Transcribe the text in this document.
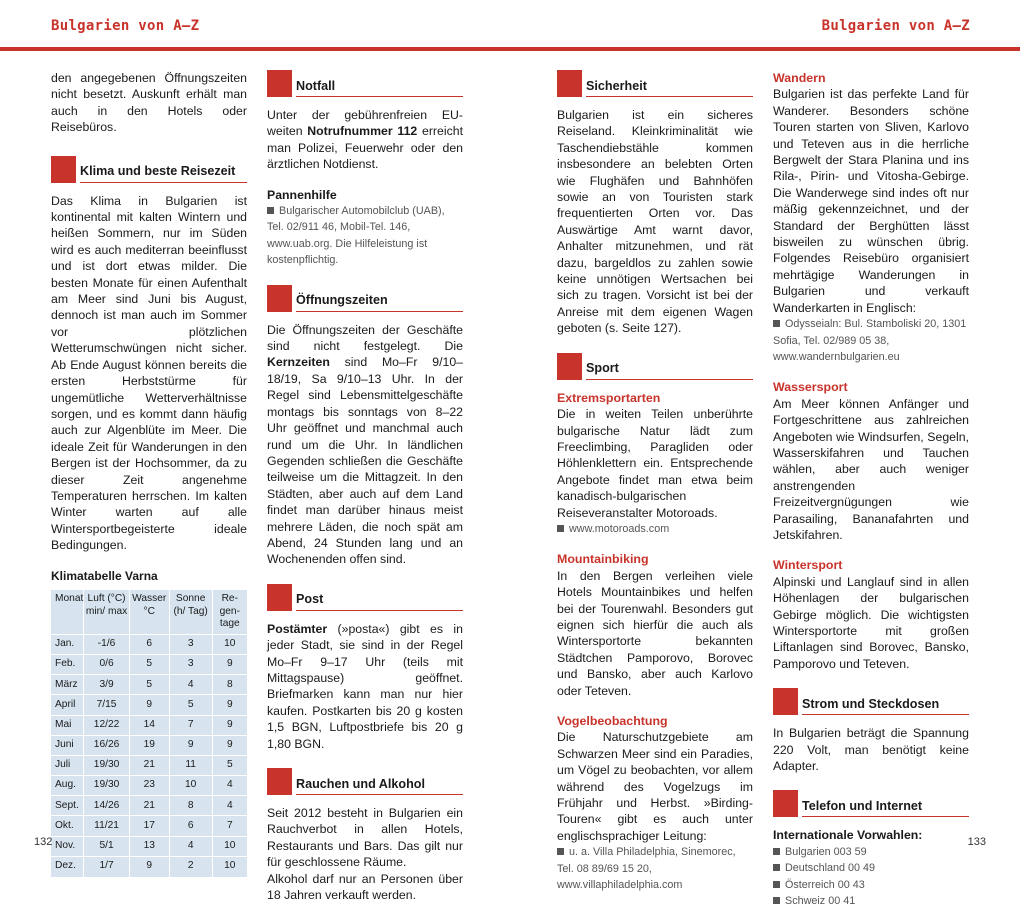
Bulgarien von A–Z	Bulgarien von A–Z

den angegebenen Öffnungszeiten nicht besetzt. Auskunft erhält man auch in den Hotels oder Reisebüros.

Klima und beste Reisezeit

Das Klima in Bulgarien ist kontinental mit kalten Wintern und heißen Sommern, nur im Süden wird es auch mediterran beeinflusst und ist dort etwas milder. Die besten Monate für einen Aufenthalt am Meer sind Juni bis August, dennoch ist man auch im Sommer vor plötzlichen Wetterumschwüngen nicht sicher. Ab Ende August können bereits die ersten Herbststürme für ungemütliche Wetterverhältnisse sorgen, und es kommt dann häufig auch zur Algenblüte im Meer. Die ideale Zeit für Wanderungen in den Bergen ist der Hochsommer, da zu dieser Zeit angenehme Temperaturen herrschen. Im kalten Winter warten auf alle Wintersportbegeisterte ideale Bedingungen.

Klimatabelle Varna
Monat	Luft (°C) min/ max	Wasser °C	Sonne (h/ Tag)	Re- gen- tage
Jan.	-1/6	6	3	10
Feb.	0/6	5	3	9
März	3/9	5	4	8
April	7/15	9	5	9
Mai	12/22	14	7	9
Juni	16/26	19	9	9
Juli	19/30	21	11	5
Aug.	19/30	23	10	4
Sept.	14/26	21	8	4
Okt.	11/21	17	6	7
Nov.	5/1	13	4	10
Dez.	1/7	9	2	10
Notfall

Unter der gebührenfreien EU-weiten Notrufnummer 112 erreicht man Polizei, Feuerwehr oder den ärztlichen Notdienst.

Pannenhilfe

Bulgarischer Automobilclub (UAB), Tel. 02/911 46, Mobil-Tel. 146, www.uab.org. Die Hilfeleistung ist kostenpflichtig.

Öffnungszeiten

Die Öffnungszeiten der Geschäfte sind nicht festgelegt. Die Kernzeiten sind Mo–Fr 9/10–18/19, Sa 9/10–13 Uhr. In der Regel sind Lebensmittelgeschäfte montags bis sonntags von 8–22 Uhr geöffnet und manchmal auch rund um die Uhr. In ländlichen Gegenden schließen die Geschäfte teilweise um die Mittagzeit. In den Städten, aber auch auf dem Land findet man darüber hinaus meist mehrere Läden, die noch spät am Abend, 24 Stunden lang und an Wochenenden offen sind.

Post

Postämter (»posta«) gibt es in jeder Stadt, sie sind in der Regel Mo–Fr 9–17 Uhr (teils mit Mittagspause) geöffnet. Briefmarken kann man nur hier kaufen. Postkarten bis 20 g kosten 1,5 BGN, Luftpostbriefe bis 20 g 1,80 BGN.

Rauchen und Alkohol

Seit 2012 besteht in Bulgarien ein Rauchverbot in allen Hotels, Restaurants und Bars. Das gilt nur für geschlossene Räume.

Alkohol darf nur an Personen über 18 Jahren verkauft werden.

Sicherheit

Bulgarien ist ein sicheres Reiseland. Kleinkriminalität wie Taschendiebstähle kommen insbesondere an belebten Orten wie Flughäfen und Bahnhöfen sowie an von Touristen stark frequentierten Orten vor. Das Auswärtige Amt warnt davor, Anhalter mitzunehmen, und rät dazu, bargeldlos zu zahlen sowie keine unnötigen Wertsachen bei sich zu tragen. Vorsicht ist bei der Anreise mit dem eigenen Wagen geboten (s. Seite 127).

Sport
Extremsportarten

Die in weiten Teilen unberührte bulgarische Natur lädt zum Freeclimbing, Paragliden oder Höhlenklettern ein. Entsprechende Angebote findet man etwa beim kanadisch-bulgarischen Reiseveranstalter Motoroads.

www.motoroads.com

Mountainbiking

In den Bergen verleihen viele Hotels Mountainbikes und helfen bei der Tourenwahl. Besonders gut eignen sich hierfür die auch als Wintersportorte bekannten Städtchen Pamporovo, Borovec und Bansko, aber auch Karlovo oder Teteven.

Vogelbeobachtung

Die Naturschutzgebiete am Schwarzen Meer sind ein Paradies, um Vögel zu beobachten, vor allem während des Vogelzugs im Frühjahr und Herbst. »Birding-Touren« gibt es auch unter englischsprachiger Leitung:

u. a. Villa Philadelphia, Sinemorec, Tel. 08 89/69 15 20, www.villaphiladelphia.com

Wandern

Bulgarien ist das perfekte Land für Wanderer. Besonders schöne Touren starten von Sliven, Karlovo und Teteven aus in die herrliche Bergwelt der Stara Planina und ins Rila-, Pirin- und Vitosha-Gebirge. Die Wanderwege sind indes oft nur mäßig gekennzeichnet, und der Standard der Berghütten lässt bisweilen zu wünschen übrig. Folgendes Reisebüro organisiert mehrtägige Wanderungen in Bulgarien und verkauft Wanderkarten in Englisch:

Odysseialn: Bul. Stamboliski 20, 1301 Sofia, Tel. 02/989 05 38, www.wandernbulgarien.eu

Wassersport

Am Meer können Anfänger und Fortgeschrittene aus zahlreichen Angeboten wie Windsurfen, Segeln, Wasserskifahren und Tauchen wählen, aber auch weniger anstrengenden Freizeitvergnügungen wie Parasailing, Bananafahrten und Jetskifahren.

Wintersport

Alpinski und Langlauf sind in allen Höhenlagen der bulgarischen Gebirge möglich. Die wichtigsten Wintersportorte mit großen Liftanlagen sind Borovec, Bansko, Pamporovo und Teteven.

Strom und Steckdosen

In Bulgarien beträgt die Spannung 220 Volt, man benötigt keine Adapter.

Telefon und Internet
Internationale Vorwahlen:

Bulgarien 003 59

Deutschland 00 49

Österreich 00 43

Schweiz 00 41

132	133
